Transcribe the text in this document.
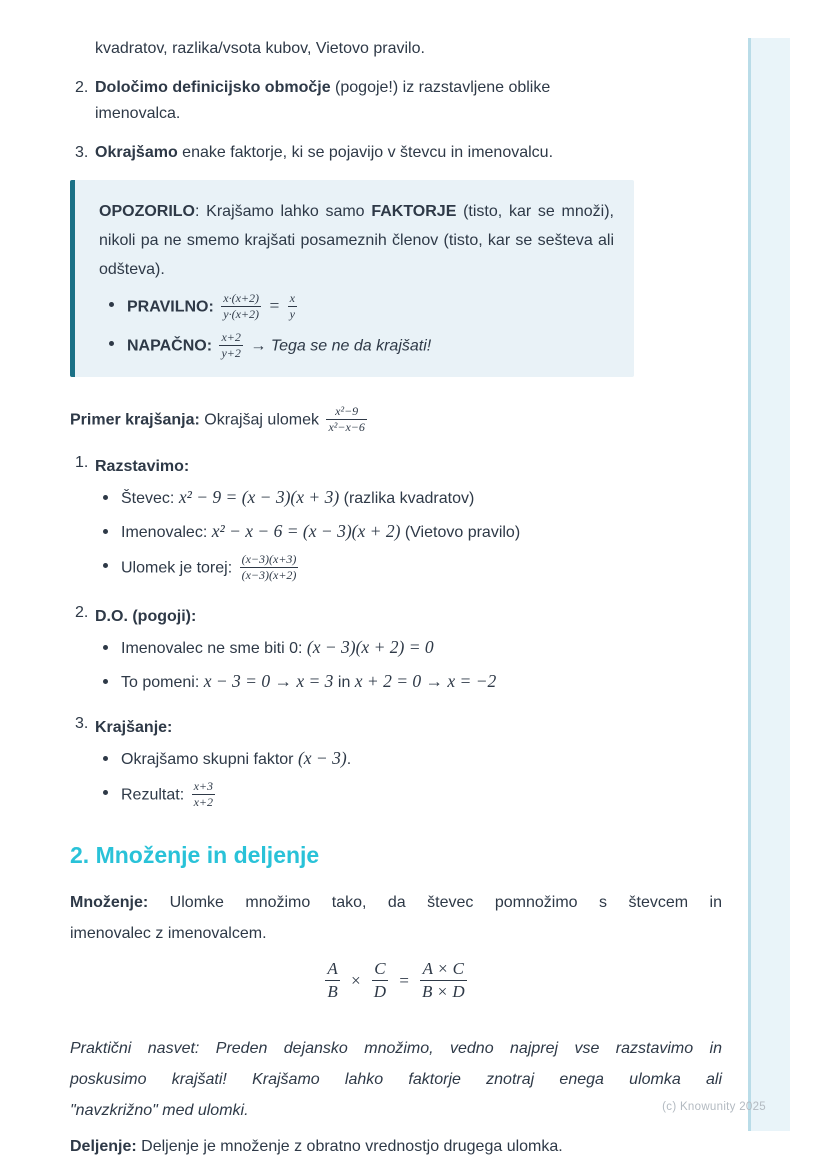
(c) Knowunity 2025
kvadratov, razlika/vsota kubov, Vietovo pravilo.
2. Določimo definicijsko območje (pogoje!) iz razstavljene oblike
imenovalca.
3. Okrajšamo enake faktorje, ki se pojavijo v števcu in imenovalcu.
OPOZORILO: Krajšamo lahko samo FAKTORJE (tisto, kar se množi),
nikoli pa ne smemo krajšati posameznih členov (tisto, kar se sešteva ali
odšteva).
PRAVILNO: $\frac{x\cdot(x+2)}{y\cdot(x+2)} = \frac{x}{y}$
NAPAČNO: $\frac{x+2}{y+2}$ → Tega se ne da krajšati!
Primer krajšanja: Okrajšaj ulomek $\frac{\text{x²−9}}{\text{x²−x−6}}$
1. Razstavimo:
Števec: x² − 9 = (x − 3)(x + 3) (razlika kvadratov)
Imenovalec: x² − x − 6 = (x − 3)(x + 2) (Vietovo pravilo)
Ulomek je torej: $\frac{(x-3)(x+3)}{(x-3)(x+2)}$
2. D.O. (pogoji):
Imenovalec ne sme biti 0: (x − 3)(x + 2) = 0
To pomeni: x − 3 = 0 → x = 3 in x + 2 = 0 → x = −2
3. Krajšanje:
Okrajšamo skupni faktor (x − 3).
Rezultat: $\frac{x+3}{x+2}$
2. Množenje in deljenje
Množenje: Ulomke množimo tako, da števec pomnožimo s števcem in
imenovalec z imenovalcem.
$\frac{A}{B} \times \frac{C}{D} = \frac{A \times C}{B \times D}$
Praktični nasvet: Preden dejansko množimo, vedno najprej vse razstavimo in
poskusimo krajšati! Krajšamo lahko faktorje znotraj enega ulomka ali
"navzkrižno" med ulomki.
Deljenje: Deljenje je množenje z obratno vrednostjo drugega ulomka.
